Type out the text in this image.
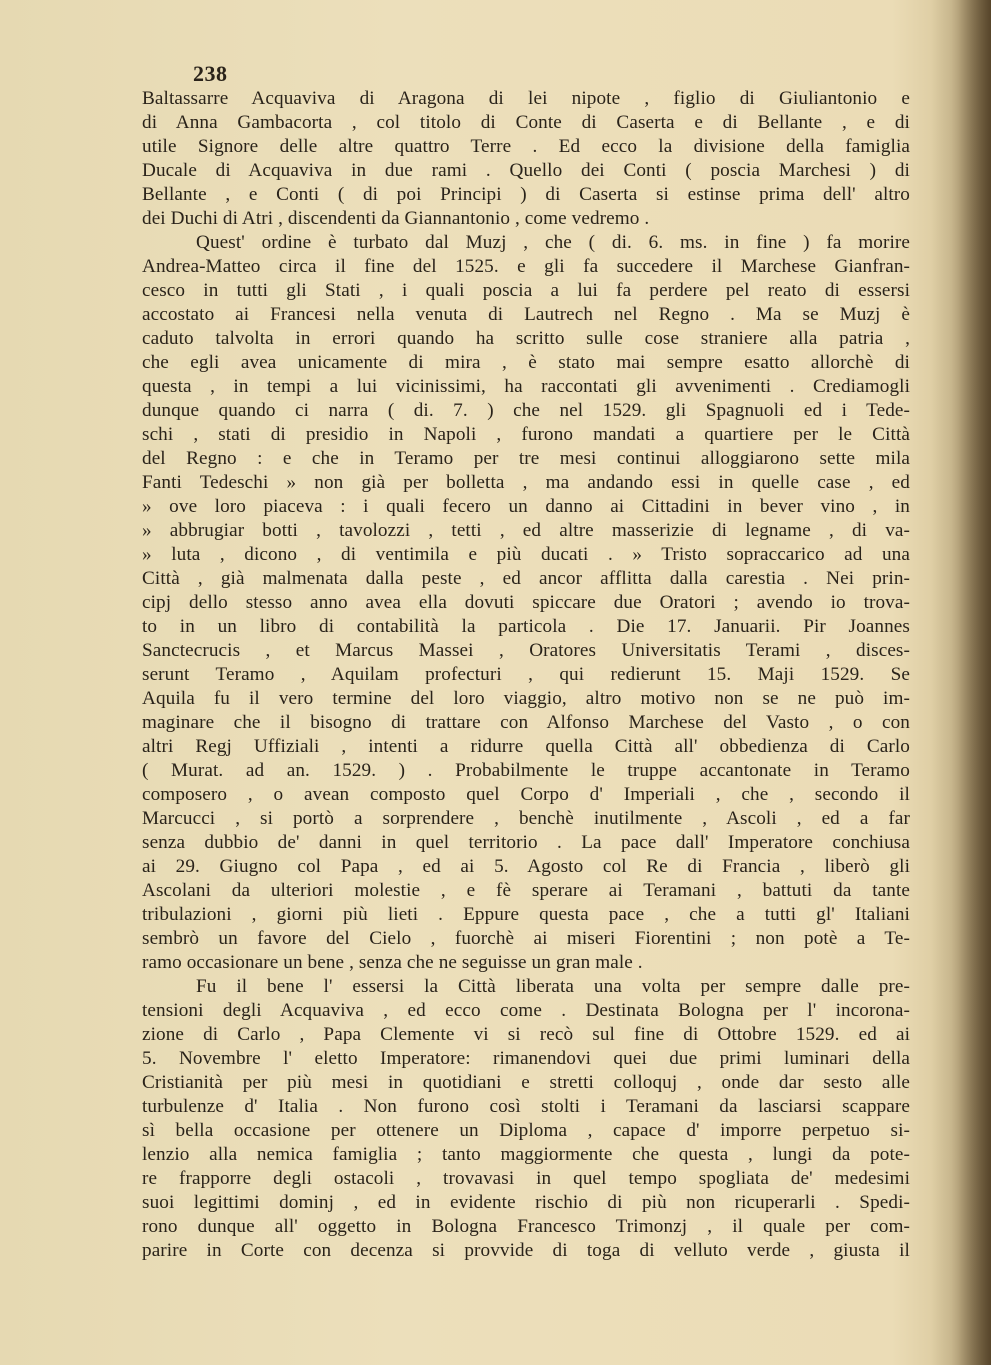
238
Baltassarre Acquaviva di Aragona di lei nipote , figlio di Giuliantonio e
di Anna Gambacorta , col titolo di Conte di Caserta e di Bellante , e di
utile Signore delle altre quattro Terre . Ed ecco la divisione della famiglia
Ducale di Acquaviva in due rami . Quello dei Conti ( poscia Marchesi ) di
Bellante , e Conti ( di poi Principi ) di Caserta si estinse prima dell' altro
dei Duchi di Atri , discendenti da Giannantonio , come vedremo .
Quest' ordine è turbato dal Muzj , che ( di. 6. ms. in fine ) fa morire
Andrea-Matteo circa il fine del 1525. e gli fa succedere il Marchese Gianfran-
cesco in tutti gli Stati , i quali poscia a lui fa perdere pel reato di essersi
accostato ai Francesi nella venuta di Lautrech nel Regno . Ma se Muzj è
caduto talvolta in errori quando ha scritto sulle cose straniere alla patria ,
che egli avea unicamente di mira , è stato mai sempre esatto allorchè di
questa , in tempi a lui vicinissimi, ha raccontati gli avvenimenti . Crediamogli
dunque quando ci narra ( di. 7. ) che nel 1529. gli Spagnuoli ed i Tede-
schi , stati di presidio in Napoli , furono mandati a quartiere per le Città
del Regno : e che in Teramo per tre mesi continui alloggiarono sette mila
Fanti Tedeschi » non già per bolletta , ma andando essi in quelle case , ed
» ove loro piaceva : i quali fecero un danno ai Cittadini in bever vino , in
» abbrugiar botti , tavolozzi , tetti , ed altre masserizie di legname , di va-
» luta , dicono , di ventimila e più ducati . » Tristo sopraccarico ad una
Città , già malmenata dalla peste , ed ancor afflitta dalla carestia . Nei prin-
cipj dello stesso anno avea ella dovuti spiccare due Oratori ; avendo io trova-
to in un libro di contabilità la particola . Die 17. Januarii. Pir Joannes
Sanctecrucis , et Marcus Massei , Oratores Universitatis Terami , disces-
serunt Teramo , Aquilam profecturi , qui redierunt 15. Maji 1529. Se
Aquila fu il vero termine del loro viaggio, altro motivo non se ne può im-
maginare che il bisogno di trattare con Alfonso Marchese del Vasto , o con
altri Regj Uffiziali , intenti a ridurre quella Città all' obbedienza di Carlo
( Murat. ad an. 1529. ) . Probabilmente le truppe accantonate in Teramo
composero , o avean composto quel Corpo d' Imperiali , che , secondo il
Marcucci , si portò a sorprendere , benchè inutilmente , Ascoli , ed a far
senza dubbio de' danni in quel territorio . La pace dall' Imperatore conchiusa
ai 29. Giugno col Papa , ed ai 5. Agosto col Re di Francia , liberò gli
Ascolani da ulteriori molestie , e fè sperare ai Teramani , battuti da tante
tribulazioni , giorni più lieti . Eppure questa pace , che a tutti gl' Italiani
sembrò un favore del Cielo , fuorchè ai miseri Fiorentini ; non potè a Te-
ramo occasionare un bene , senza che ne seguisse un gran male .
Fu il bene l' essersi la Città liberata una volta per sempre dalle pre-
tensioni degli Acquaviva , ed ecco come . Destinata Bologna per l' incorona-
zione di Carlo , Papa Clemente vi si recò sul fine di Ottobre 1529. ed ai
5. Novembre l' eletto Imperatore: rimanendovi quei due primi luminari della
Cristianità per più mesi in quotidiani e stretti colloquj , onde dar sesto alle
turbulenze d' Italia . Non furono così stolti i Teramani da lasciarsi scappare
sì bella occasione per ottenere un Diploma , capace d' imporre perpetuo si-
lenzio alla nemica famiglia ; tanto maggiormente che questa , lungi da pote-
re frapporre degli ostacoli , trovavasi in quel tempo spogliata de' medesimi
suoi legittimi dominj , ed in evidente rischio di più non ricuperarli . Spedi-
rono dunque all' oggetto in Bologna Francesco Trimonzj , il quale per com-
parire in Corte con decenza si provvide di toga di velluto verde , giusta il
